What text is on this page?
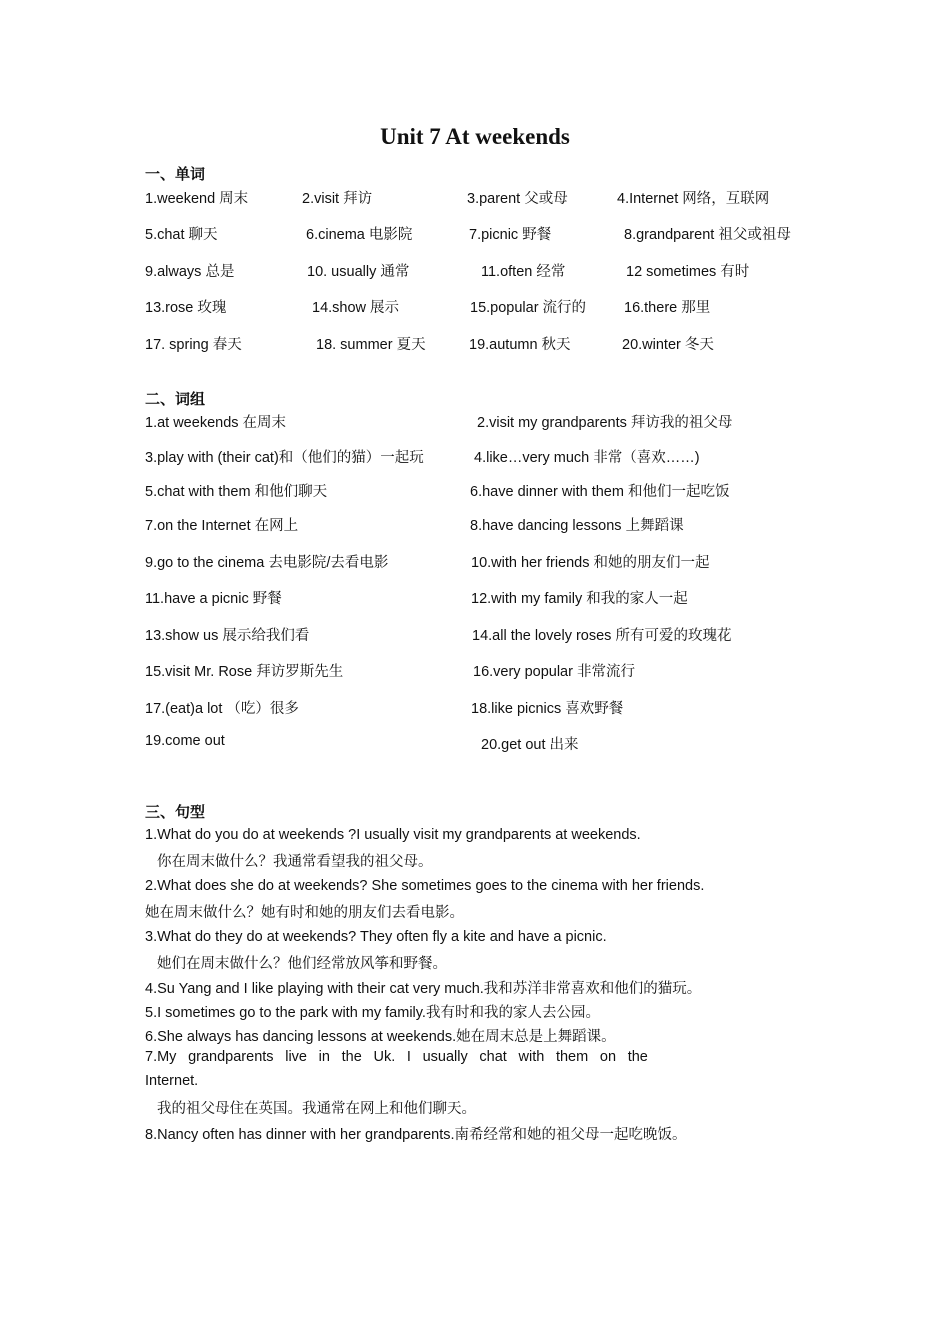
Unit 7 At weekends
一、单词
1.weekend 周末	2.visit 拜访	3.parent 父或母	4.Internet 网络，互联网
5.chat 聊天	6.cinema 电影院	7.picnic 野餐	8.grandparent 祖父或祖母
9.always 总是	10. usually 通常	11.often 经常	12 sometimes 有时
13.rose 玫瑰	14.show 展示	15.popular 流行的	16.there 那里
17. spring 春天	18. summer 夏天	19.autumn 秋天	20.winter 冬天
二、词组
1.at weekends 在周末	2.visit my grandparents 拜访我的祖父母
3.play with (their cat)和（他们的猫）一起玩	4.like…very much 非常（喜欢……)
5.chat with them 和他们聊天	6.have dinner with them 和他们一起吃饭
7.on the Internet 在网上	8.have dancing lessons 上舞蹈课
9.go to the cinema 去电影院/去看电影	10.with her friends 和她的朋友们一起
11.have a picnic 野餐	12.with my family 和我的家人一起
13.show us 展示给我们看	14.all the lovely roses 所有可爱的玫瑰花
15.visit Mr. Rose 拜访罗斯先生	16.very popular 非常流行
17.(eat)a lot （吃）很多	18.like picnics 喜欢野餐
19.come out	20.get out 出来
三、句型
1.What do you do at weekends ?I usually visit my grandparents at weekends.
你在周末做什么？我通常看望我的祖父母。
2.What does she do at weekends? She sometimes goes to the cinema with her friends.
她在周末做什么？她有时和她的朋友们去看电影。
3.What do they do at weekends? They often fly a kite and have a picnic.
她们在周末做什么？他们经常放风筝和野餐。
4.Su Yang and I like playing with their cat very much.我和苏洋非常喜欢和他们的猫玩。
5.I sometimes go to the park with my family.我有时和我的家人去公园。
6.She always has dancing lessons at weekends.她在周末总是上舞蹈课。
7.My grandparents live in the Uk. I usually chat with them on the
Internet.
我的祖父母住在英国。我通常在网上和他们聊天。
8.Nancy often has dinner with her grandparents.南希经常和她的祖父母一起吃晚饭。
